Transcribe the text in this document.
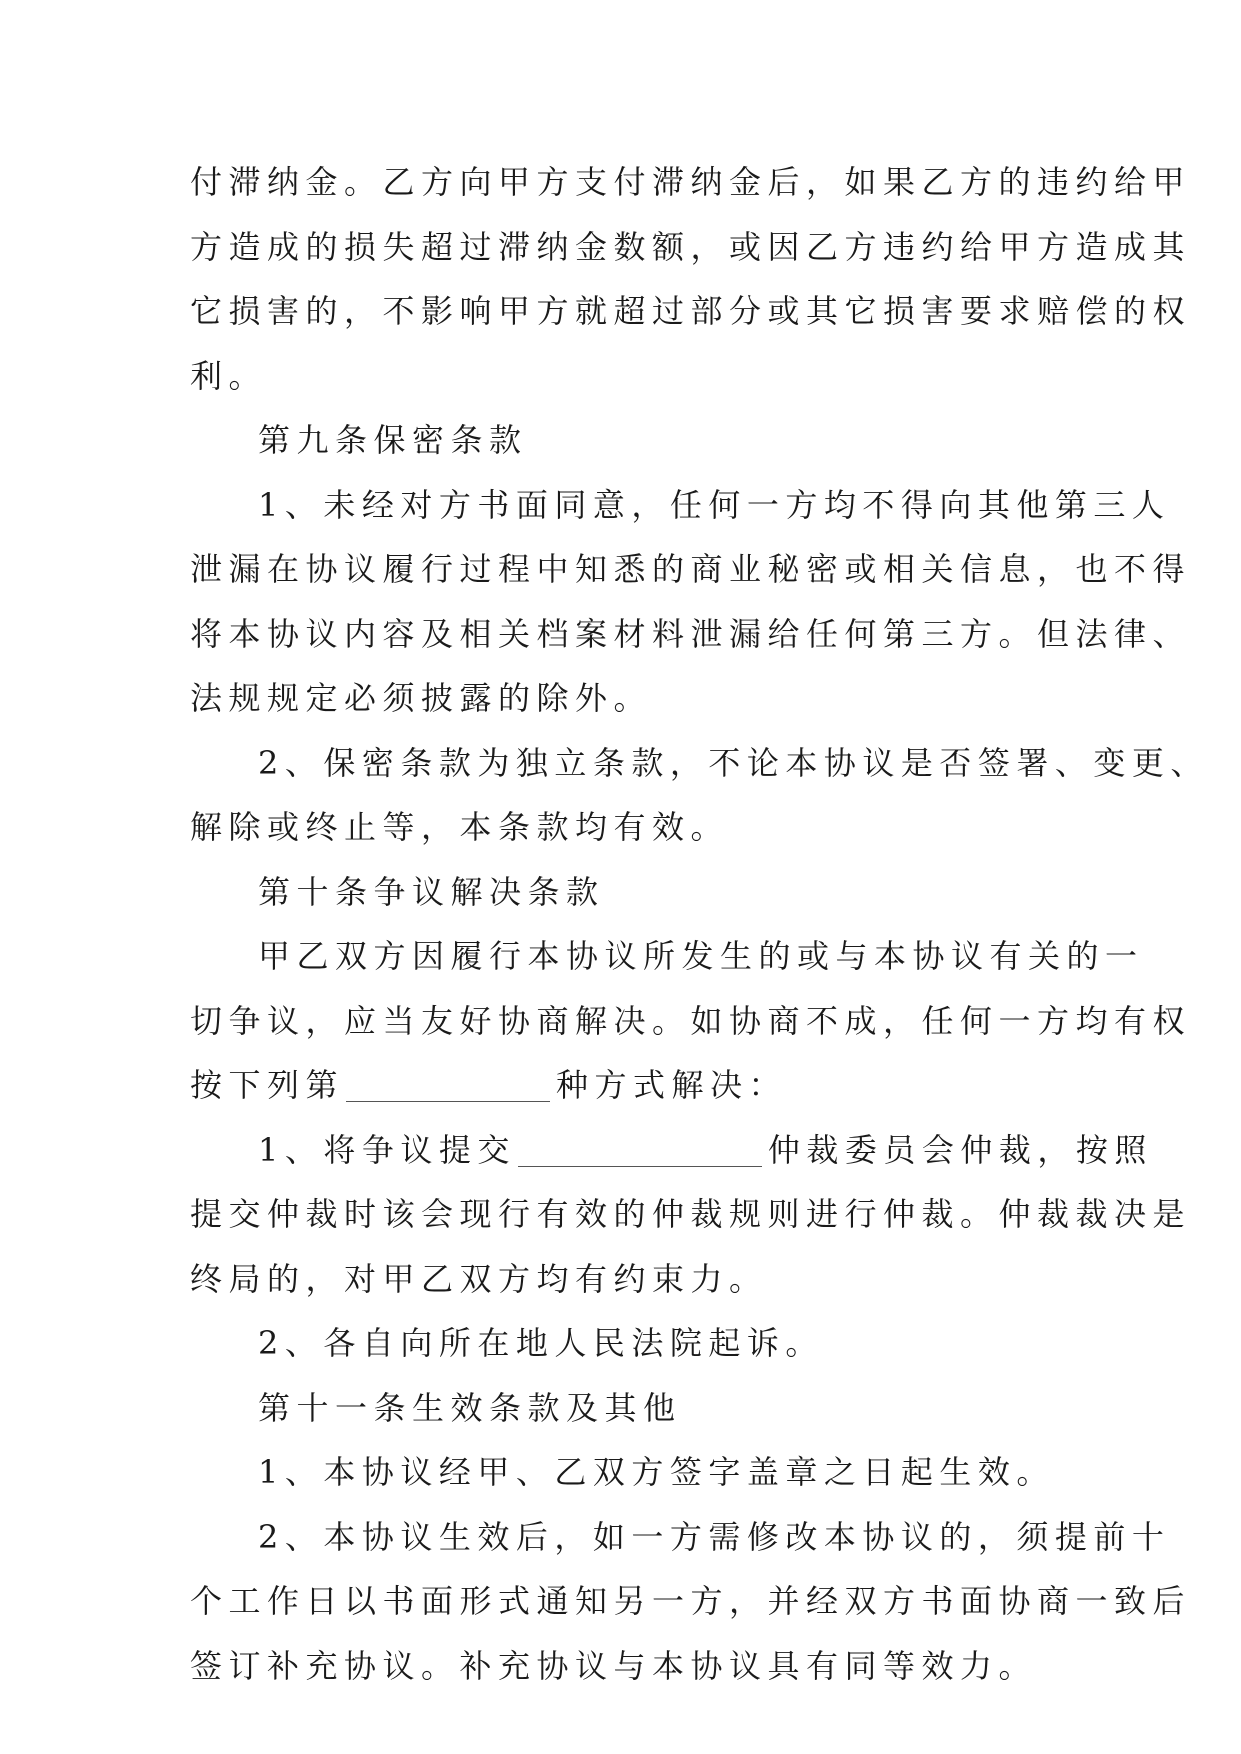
付滞纳金。乙方向甲方支付滞纳金后，如果乙方的违约给甲
方造成的损失超过滞纳金数额，或因乙方违约给甲方造成其
它损害的，不影响甲方就超过部分或其它损害要求赔偿的权
利。
第九条保密条款
1、未经对方书面同意，任何一方均不得向其他第三人
泄漏在协议履行过程中知悉的商业秘密或相关信息，也不得
将本协议内容及相关档案材料泄漏给任何第三方。但法律、
法规规定必须披露的除外。
2、保密条款为独立条款，不论本协议是否签署、变更、
解除或终止等，本条款均有效。
第十条争议解决条款
甲乙双方因履行本协议所发生的或与本协议有关的一
切争议，应当友好协商解决。如协商不成，任何一方均有权
按下列第	种方式解决：
1、将争议提交	仲裁委员会仲裁，按照
提交仲裁时该会现行有效的仲裁规则进行仲裁。仲裁裁决是
终局的，对甲乙双方均有约束力。
2、各自向所在地人民法院起诉。
第十一条生效条款及其他
1、本协议经甲、乙双方签字盖章之日起生效。
2、本协议生效后，如一方需修改本协议的，须提前十
个工作日以书面形式通知另一方，并经双方书面协商一致后
签订补充协议。补充协议与本协议具有同等效力。
